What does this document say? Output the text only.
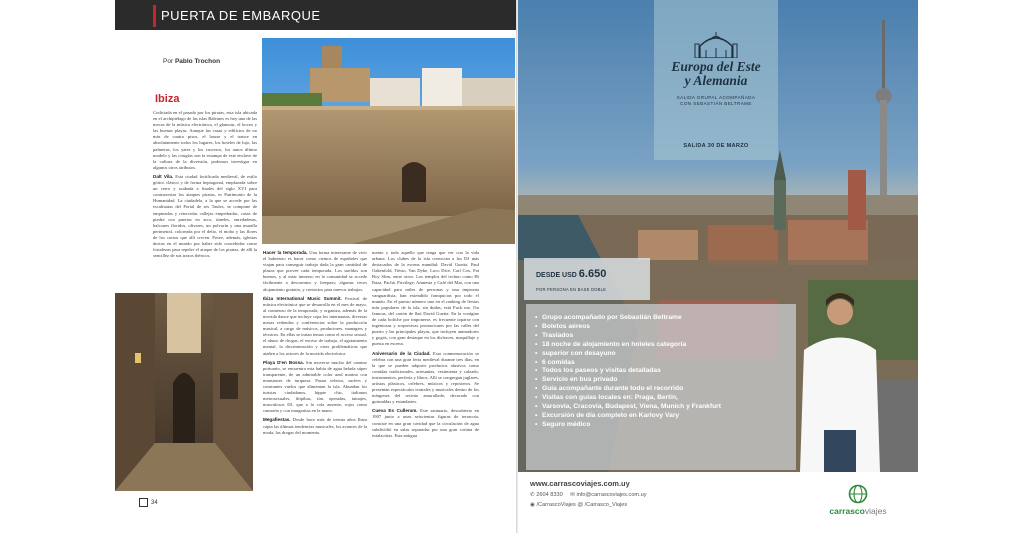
PUERTA DE EMBARQUE
Por Pablo Trochon
Ibiza

Codiciada en el pasado por los piratas, esta isla ubicada en el archipiélago de las islas Baleares es hoy una de las mecas de la música electrónica, el glamour, el boceo y las buenas playas. Aunque las casas y edificios de no más de cuatro pisos, el house y el trance en absolutamente todos los lugares, los hoteles de lujo, las palmeras, los yates y los cruceros, los autos último modelo y las cirugías son la estampa de este enclave de la cultura de la diversión, podemos investigar en algunos otros atributos.

Dalt Vila. Esta ciudad fortificada medieval, de estilo gótico clásico y de forma heptagonal, emplazada sobre un cerro y acabada a finales del siglo XVI para contrarrestar los ataques piratas, es Patrimonio de la Humanidad. La ciudadela, a la que se accede por las escalinatas del Portal de ses Taules, se compone de empinadas y retorcidas callejas empedradas, casas de piedra con puertas en arco, túneles, enredaderas, balcones floridos, olivares, un polvorín y una muralla perimetral, coloreada por el delio, el moho y las flores de los cactus que allí crecen. Posee, además, iglesias únicas en el mundo por haber sido concebidas como fortalezas para repeler el ataque de los piratas, de allí la sencillez de sus trazos ibéricos.

Hacer la temporada. Una forma interesante de vivir el balneario es hacer como cientos de españoles que viajan para conseguir trabajo dada la gran cantidad de plazas que provee cada temporada. Los sueldos son buenos, y al estar inmerso en la comunidad se accede fácilmente a descuentos y freepass; algunas veces alojamiento gratuito, y contactos para nuevos trabajos.

Ibiza International Music Summit. Festival de música electrónica que se desarrolla en el mes de mayo, al comienzo de la temporada, y organiza, además de la movida dance que incluye copa los internautas, diversas mesas redondas y conferencias sobre la producción musical, a cargo de músicos, productores, managers y técnicos. En ellas se tratan temas como el acceso sexual, el abuso de drogas, el exceso de trabajo, el agotamiento mental, la discriminación y otras problemáticas que atañen a los actores de la movida electrónica.

Playa D'en Bossa. Sin moverse mucho del camino portuario, se encuentra esta bahía de agua helada súper transparente, de un admirable color azul marino con mansiones de turquesa. Pasan veleros, surfers y constantes vuelos que alimentan la isla. Abundan los turistas ciudadanos, hippie chic, italianos metrosexuales, ibipibas, tías operadas, tatuajes, musculosos DJ, que a la cola ausente, rojos como camarón y con margaritas en la mano.

Megafiestas. Desde hace más de treinta años Ibiza capta las últimas tendencias musicales, los avances de la moda, las drogas del momento.

mento y todo aquello que tenga que ver con la vida urbana. Los clubes de la isla convocan a los DJ más destacados de la escena mundial: David Guetta, Paul Oakenfold, Tiësto, Van Dyke, Loco Dice, Carl Cox, Fat Boy Slim, entre otros. Los templos del techno como Hï Ibiza, Pachá, Privilege, Amnesia y Café del Mar, con una capacidad para miles de personas y una impronta vanguardista, han extendido franquicias por todo el mundo. En el puesto número uno en el ranking de fiestas más populares de la isla, sin dudas, está Fuck me, I'm famous, del cartón de llaú David Guetta. En la vorágine de cada boliche por imponerse, es frecuente toparse con ingeniosas y sorpresivas promociones por las calles del puerto y las principales playas, que incluyen animadores y gogós, con gran destaque en los disfraces, maquillaje y puesta en escena.

Aniversario de la Ciudad. Esta conmemoración se celebra con una gran feria medieval durante tres días, en la que se pueden adquirir productos alusivos como comidas tradicionales, artesanías, vestimenta y calzado, instrumentos, perfería y libros. Allí se congregan juglares, artistas plásticos, orfebres, músicos y reposteros. Se presentan espectáculos teatrales y musicales dentro de los márgenes del recinto amurallado, decorado con guirnaldas y estandartes.

Cueva Es Culleram. Este santuario, descubierto en 1907 junto a unas seiscientas figuras de terracota, consiste en una gran cavidad que la circulación de agua subdividió en salas separadas por una gran cortina de estalactitas. Esta antigua

34
Europa del Este
y Alemania
SALIDA GRUPAL ACOMPAÑADA
CON SEBASTIÁN BELTRAME
SALIDA 30 DE MARZO
DESDE USD 6.650
POR PERSONA EN BASE DOBLE
• Grupo acompañado por Sebastián Beltrame
• Boletos aéreos
• Traslados
• 18 noche de alojamiento en hoteles categoría
• superior con desayuno
• 6 comidas
• Todos los paseos y visitas detalladas
• Servicio en bus privado
• Guía acompañante durante todo el recorrido
• Visitas con guías locales en: Praga, Berlin,
• Varsovia, Cracovia, Budapest, Viena, Munich y Frankfurt
• Excursión de día completo en Karlovy Vary
• Seguro médico
www.carrascoviajes.com.uy
✆ 2604 8330 ✉ info@carrascoviajes.com.uy
◉ /CarrascoViajes @ /Carrasco_Viajes
carrascoviajes
